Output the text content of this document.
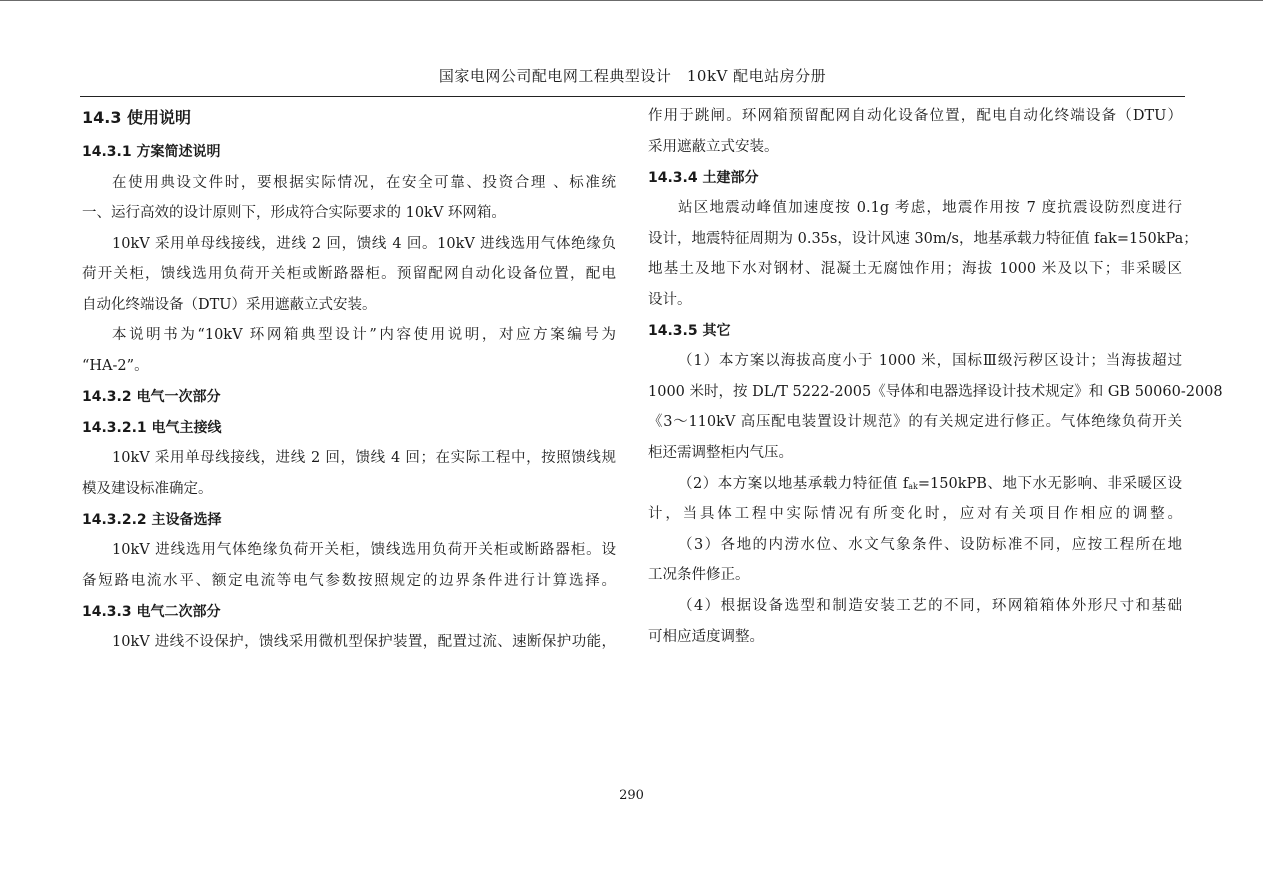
国家电网公司配电网工程典型设计　10kV 配电站房分册
14.3 使用说明
14.3.1 方案简述说明
在使用典设文件时，要根据实际情况，在安全可靠、投资合理 、标准统
一、运行高效的设计原则下，形成符合实际要求的 10kV 环网箱。
10kV 采用单母线接线，进线 2 回，馈线 4 回。10kV 进线选用气体绝缘负
荷开关柜，馈线选用负荷开关柜或断路器柜。预留配网自动化设备位置，配电
自动化终端设备（DTU）采用遮蔽立式安装。
本说明书为“10kV 环网箱典型设计”内容使用说明，对应方案编号为
“HA-2”。
14.3.2 电气一次部分
14.3.2.1 电气主接线
10kV 采用单母线接线，进线 2 回，馈线 4 回；在实际工程中，按照馈线规
模及建设标准确定。
14.3.2.2 主设备选择
10kV 进线选用气体绝缘负荷开关柜，馈线选用负荷开关柜或断路器柜。设
备短路电流水平、额定电流等电气参数按照规定的边界条件进行计算选择。
14.3.3 电气二次部分
10kV 进线不设保护，馈线采用微机型保护装置，配置过流、速断保护功能，
作用于跳闸。环网箱预留配网自动化设备位置，配电自动化终端设备（DTU）
采用遮蔽立式安装。
14.3.4 土建部分
站区地震动峰值加速度按 0.1g 考虑，地震作用按 7 度抗震设防烈度进行
设计，地震特征周期为 0.35s，设计风速 30m/s，地基承载力特征值 fak=150kPa；
地基土及地下水对钢材、混凝土无腐蚀作用；海拔 1000 米及以下；非采暖区
设计。
14.3.5 其它
（1）本方案以海拔高度小于 1000 米，国标Ⅲ级污秽区设计；当海拔超过
1000 米时，按 DL/T 5222-2005《导体和电器选择设计技术规定》和 GB 50060-2008
《3～110kV 高压配电装置设计规范》的有关规定进行修正。气体绝缘负荷开关
柜还需调整柜内气压。
（2）本方案以地基承载力特征值 fak=150kPB、地下水无影响、非采暖区设
计，当具体工程中实际情况有所变化时，应对有关项目作相应的调整。
（3）各地的内涝水位、水文气象条件、设防标准不同，应按工程所在地
工况条件修正。
（4）根据设备选型和制造安装工艺的不同，环网箱箱体外形尺寸和基础
可相应适度调整。
290
